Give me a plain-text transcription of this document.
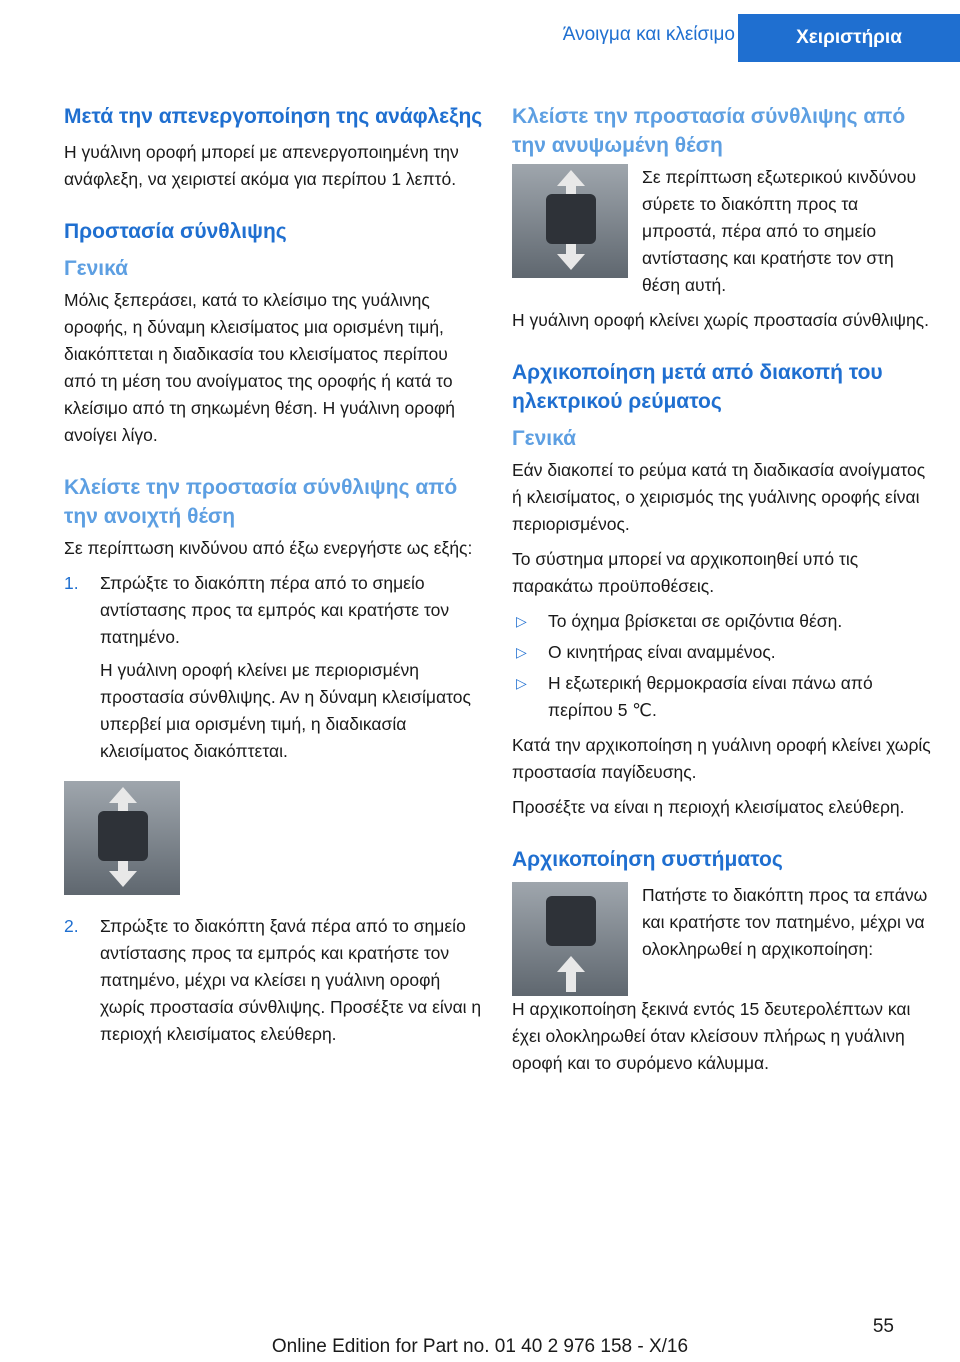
Άνοιγμα και κλείσιμο	Χειριστήρια
Μετά την απενεργοποίηση της ανάφλεξης

Η γυάλινη οροφή μπορεί με απενεργοποιημένη την ανάφλεξη, να χειριστεί ακόμα για περίπου 1 λεπτό.

Προστασία σύνθλιψης
Γενικά

Μόλις ξεπεράσει, κατά το κλείσιμο της γυάλινης οροφής, η δύναμη κλεισίματος μια ορισμένη τιμή, διακόπτεται η διαδικασία του κλεισίματος περίπου από τη μέση του ανοίγματος της οροφής ή κατά το κλείσιμο από τη σηκωμένη θέση. Η γυάλινη οροφή ανοίγει λίγο.

Κλείστε την προστασία σύνθλιψης από την ανοιχτή θέση

Σε περίπτωση κινδύνου από έξω ενεργήστε ως εξής:

1. Σπρώξτε το διακόπτη πέρα από το σημείο αντίστασης προς τα εμπρός και κρατήστε τον πατημένο.

Η γυάλινη οροφή κλείνει με περιορισμένη προστασία σύνθλιψης. Αν η δύναμη κλεισίματος υπερβεί μια ορισμένη τιμή, η διαδικασία κλεισίματος διακόπτεται.

2. Σπρώξτε το διακόπτη ξανά πέρα από το σημείο αντίστασης προς τα εμπρός και κρατήστε τον πατημένο, μέχρι να κλείσει η γυάλινη οροφή χωρίς προστασία σύνθλιψης. Προσέξτε να είναι η περιοχή κλεισίματος ελεύθερη.

Κλείστε την προστασία σύνθλιψης από την ανυψωμένη θέση

Σε περίπτωση εξωτερικού κινδύνου σύρετε το διακόπτη προς τα μπροστά, πέρα από το σημείο αντίστασης και κρατήστε τον στη θέση αυτή.

Η γυάλινη οροφή κλείνει χωρίς προστασία σύνθλιψης.

Αρχικοποίηση μετά από διακοπή του ηλεκτρικού ρεύματος
Γενικά

Εάν διακοπεί το ρεύμα κατά τη διαδικασία ανοίγματος ή κλεισίματος, ο χειρισμός της γυάλινης οροφής είναι περιορισμένος.

Το σύστημα μπορεί να αρχικοποιηθεί υπό τις παρακάτω προϋποθέσεις.

▷ Το όχημα βρίσκεται σε οριζόντια θέση.
▷ Ο κινητήρας είναι αναμμένος.
▷ Η εξωτερική θερμοκρασία είναι πάνω από περίπου 5 ℃.

Κατά την αρχικοποίηση η γυάλινη οροφή κλείνει χωρίς προστασία παγίδευσης.

Προσέξτε να είναι η περιοχή κλεισίματος ελεύθερη.

Αρχικοποίηση συστήματος

Πατήστε το διακόπτη προς τα επάνω και κρατήστε τον πατημένο, μέχρι να ολοκληρωθεί η αρχικοποίηση:

Η αρχικοποίηση ξεκινά εντός 15 δευτερολέπτων και έχει ολοκληρωθεί όταν κλείσουν πλήρως η γυάλινη οροφή και το συρόμενο κάλυμμα.

55
Online Edition for Part no. 01 40 2 976 158 - X/16
